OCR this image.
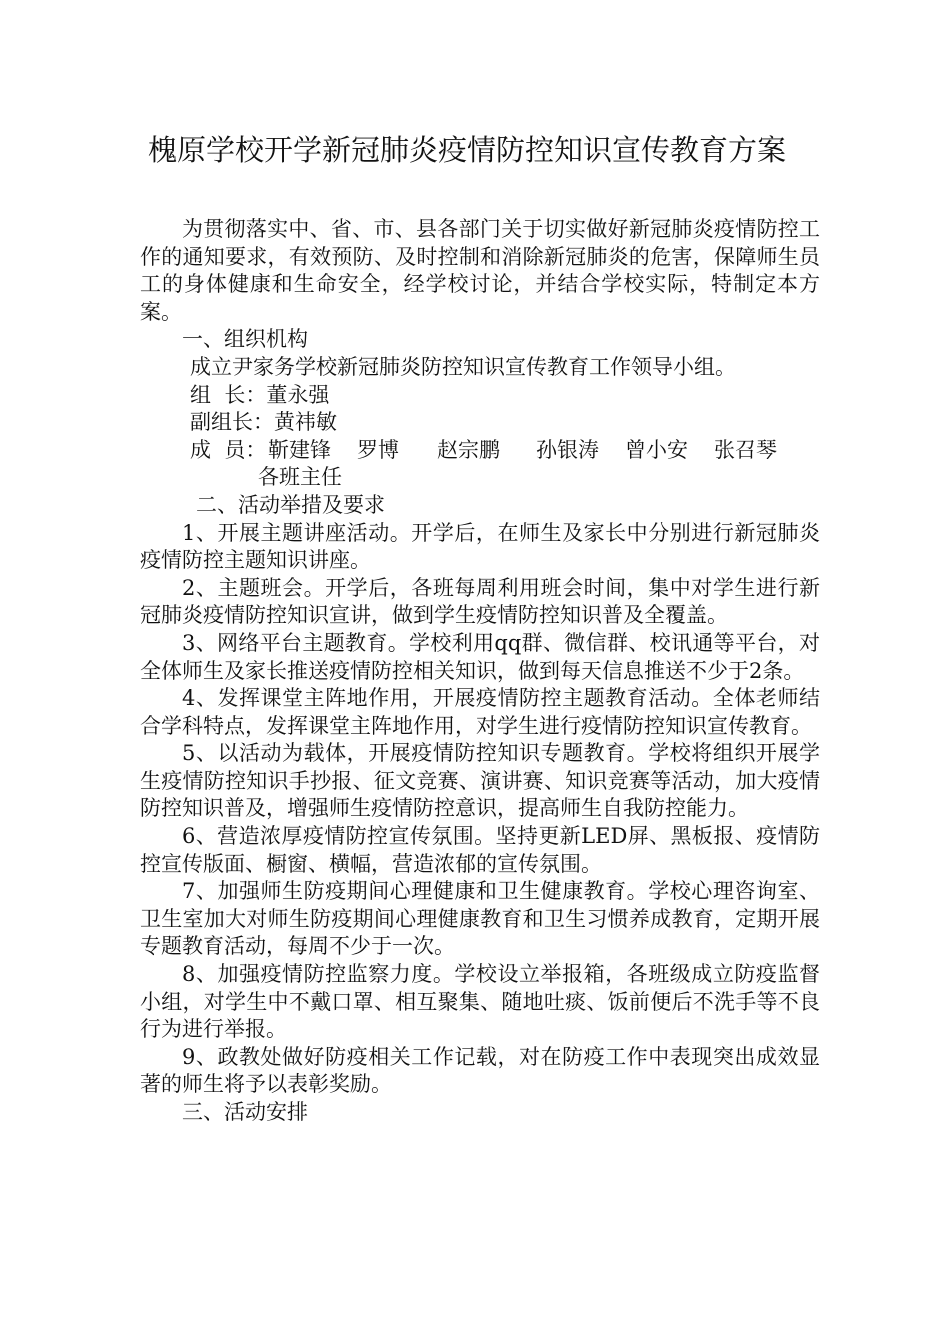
槐原学校开学新冠肺炎疫情防控知识宣传教育方案

为贯彻落实中、省、市、县各部门关于切实做好新冠肺炎疫情防控工作的通知要求，有效预防、及时控制和消除新冠肺炎的危害，保障师生员工的身体健康和生命安全，经学校讨论，并结合学校实际，特制定本方案。

一、组织机构

成立尹家务学校新冠肺炎防控知识宣传教育工作领导小组。

组  长：董永强

副组长：黄祎敏

成  员：靳建锋 罗博 赵宗鹏 孙银涛 曾小安 张召琴

各班主任

二、活动举措及要求

1、开展主题讲座活动。开学后，在师生及家长中分别进行新冠肺炎疫情防控主题知识讲座。

2、主题班会。开学后，各班每周利用班会时间，集中对学生进行新冠肺炎疫情防控知识宣讲，做到学生疫情防控知识普及全覆盖。

3、网络平台主题教育。学校利用qq群、微信群、校讯通等平台，对全体师生及家长推送疫情防控相关知识，做到每天信息推送不少于2条。

4、发挥课堂主阵地作用，开展疫情防控主题教育活动。全体老师结合学科特点，发挥课堂主阵地作用，对学生进行疫情防控知识宣传教育。

5、以活动为载体，开展疫情防控知识专题教育。学校将组织开展学生疫情防控知识手抄报、征文竞赛、演讲赛、知识竞赛等活动，加大疫情防控知识普及，增强师生疫情防控意识，提高师生自我防控能力。

6、营造浓厚疫情防控宣传氛围。坚持更新LED屏、黑板报、疫情防控宣传版面、橱窗、横幅，营造浓郁的宣传氛围。

7、加强师生防疫期间心理健康和卫生健康教育。学校心理咨询室、卫生室加大对师生防疫期间心理健康教育和卫生习惯养成教育，定期开展专题教育活动，每周不少于一次。

8、加强疫情防控监察力度。学校设立举报箱，各班级成立防疫监督小组，对学生中不戴口罩、相互聚集、随地吐痰、饭前便后不洗手等不良行为进行举报。

9、政教处做好防疫相关工作记载，对在防疫工作中表现突出成效显著的师生将予以表彰奖励。

三、活动安排
